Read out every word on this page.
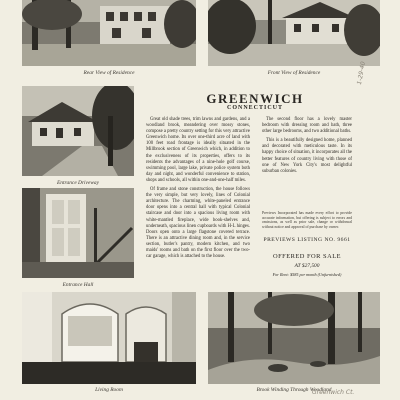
Rear View of Residence	Front View of Residence
Entrance Driveway
GREENWICH
CONNECTICUT

Great old shade trees, trim lawns and gardens, and a woodland brook, meandering over mossy stones, compose a pretty country setting for this very attractive Greenwich home. Its over one-third acre of land with 100 feet road frontage is ideally situated in the Millbrook section of Greenwich which, in addition to the exclusiveness of its properties, offers to its residents the advantages of a nine-hole golf course, swimming pool, large lake, private police system both day and night, and wonderful convenience to station, shops and schools, all within one-and-one-half miles.

Of frame and stone construction, the house follows the very simple, but very lovely, lines of Colonial architecture. The charming, white-paneled entrance door opens into a central hall with typical Colonial staircase and door into a spacious living room with white-mantled fireplace, wide book-shelves and, underneath, spacious linen cupboards with H-L hinges. Doors open onto a large flagstone covered terrace. There is an attractive dining room and, in the service section, butler's pantry, modern kitchen, and two maids' rooms and bath on the first floor over the two-car garage, which is attached to the house.

The second floor has a lovely master bedroom with dressing room and bath, three other large bedrooms, and two additional baths.

This is a beautifully designed home, planned and decorated with meticulous taste. In its happy choice of situation, it incorporates all the better features of country living with those of one of New York City's most delightful suburban colonies.

Previews Incorporated has made every effort to provide accurate information, but offering is subject to errors and omissions, as well as prior sale, change or withdrawal without notice and approval of purchase by owner.
PREVIEWS LISTING NO. 9661
OFFERED FOR SALE
AT $27,500
For Rent: $585 per month (Unfurnished)
Entrance Hall
Living Room	Brook Winding Through Woodland
1-29-40
Greenwich Ct.
